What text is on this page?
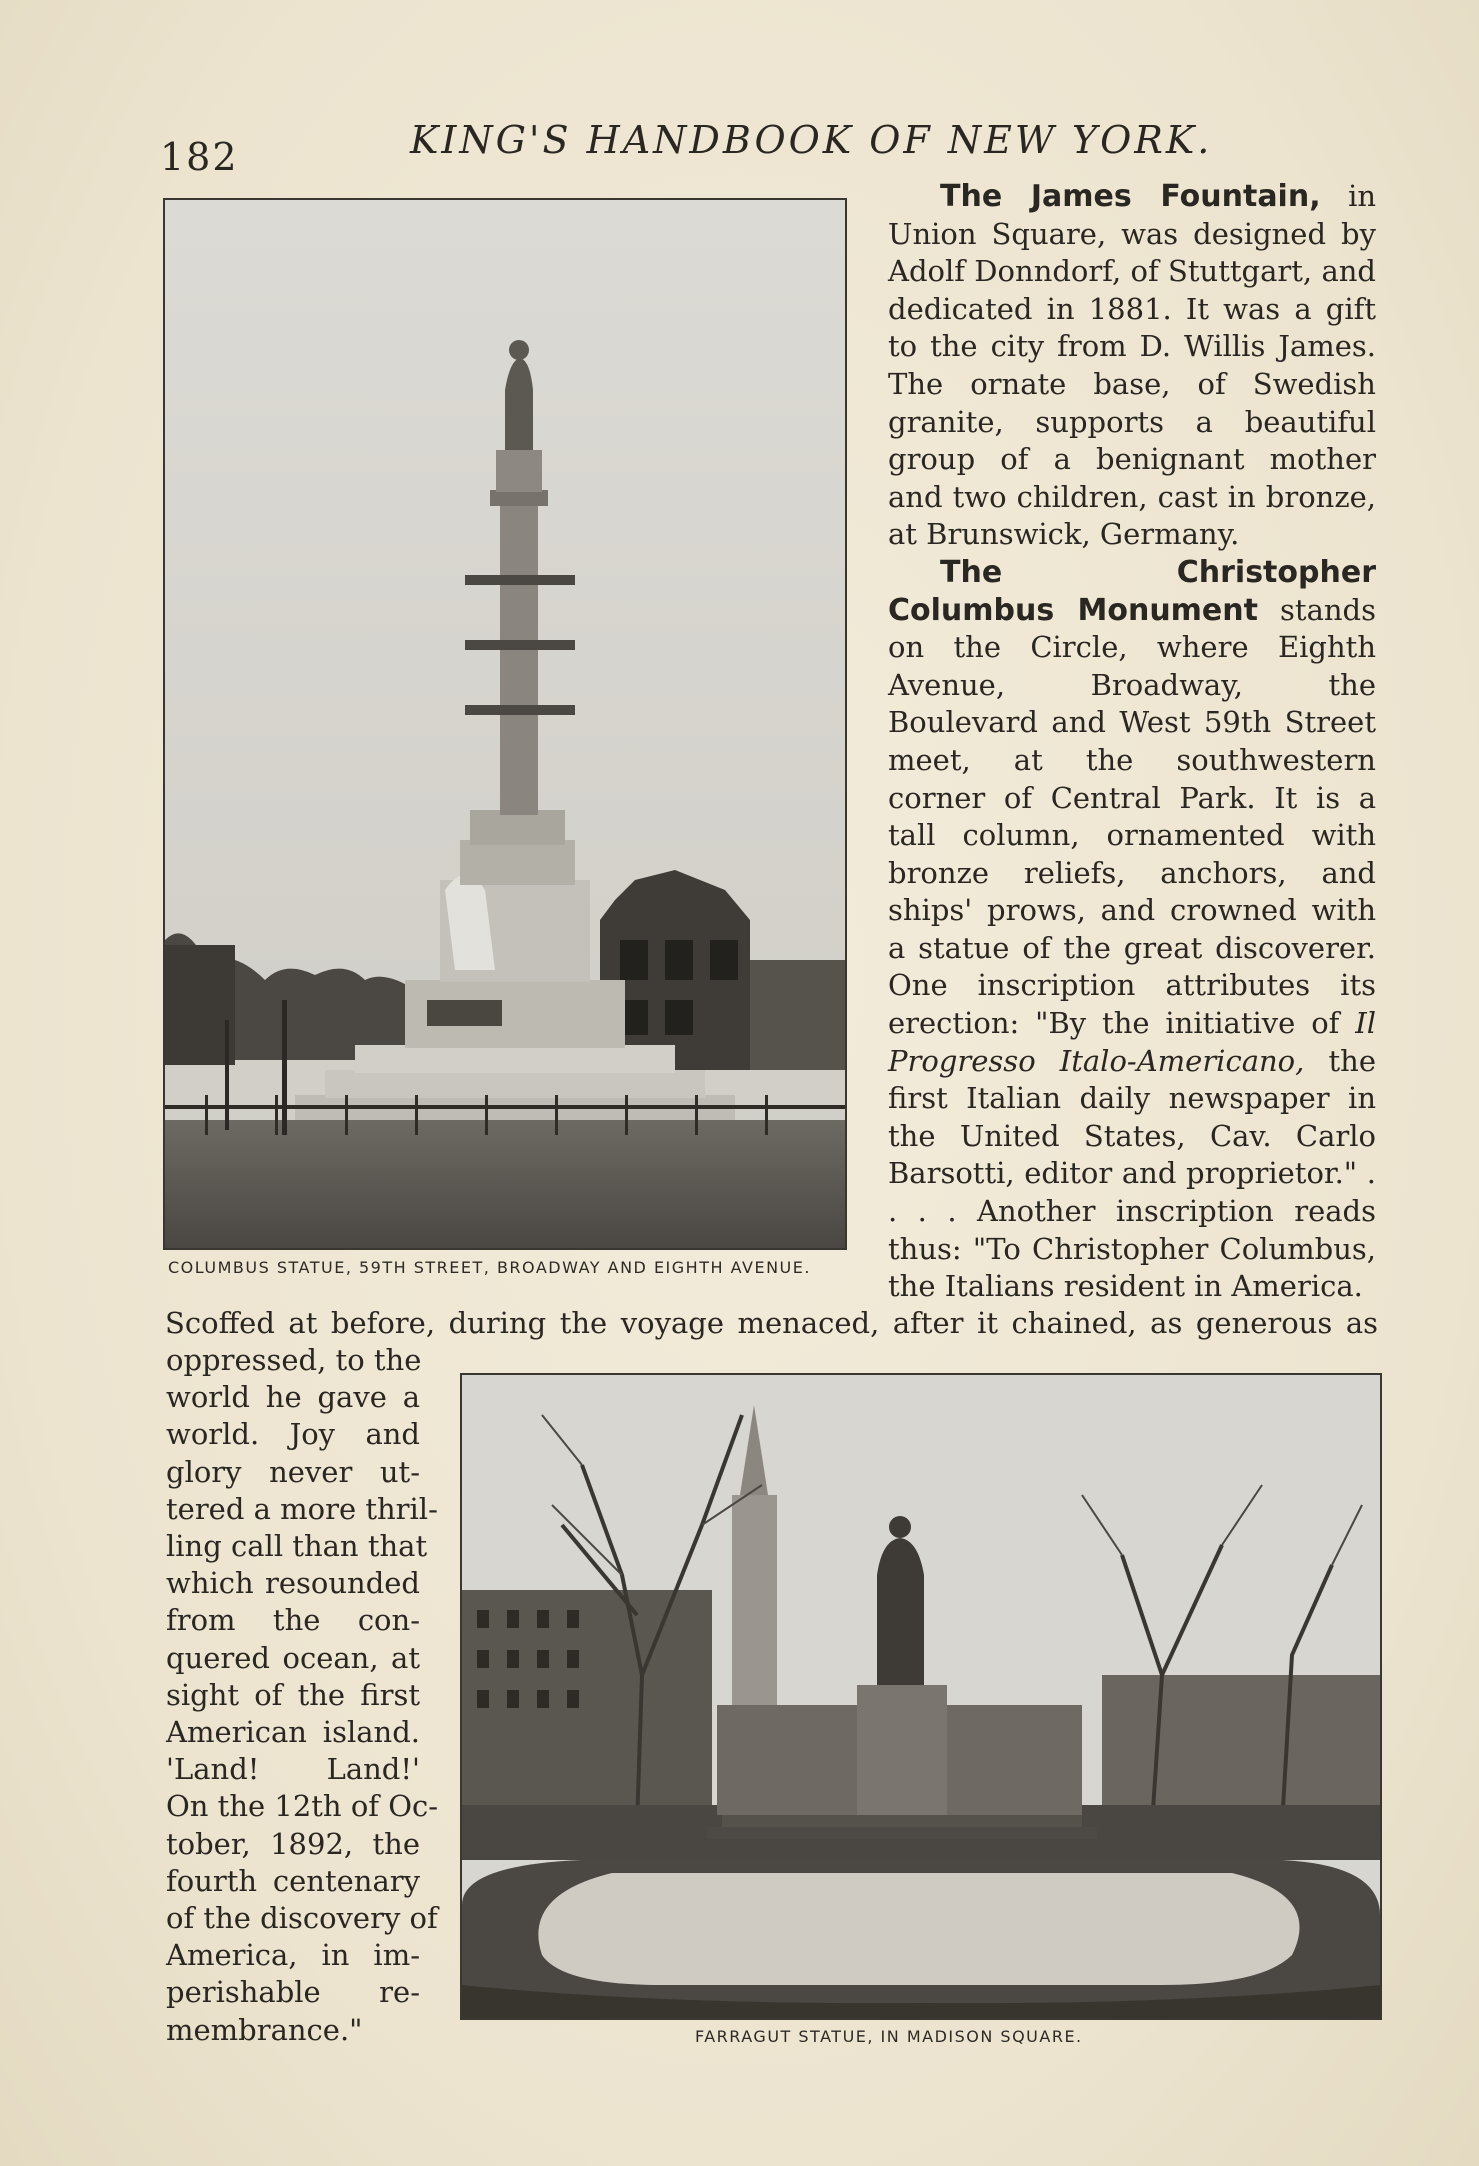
182	KING'S HANDBOOK OF NEW YORK.
COLUMBUS STATUE, 59TH STREET, BROADWAY AND EIGHTH AVENUE.

The James Fountain, in Union Square, was designed by Adolf Donndorf, of Stuttgart, and dedicated in 1881. It was a gift to the city from D. Willis James. The ornate base, of Swedish granite, supports a beautiful group of a benignant mother and two children, cast in bronze, at Brunswick, Germany.

The Christopher Columbus Monument stands on the Circle, where Eighth Avenue, Broadway, the Boulevard and West 59th Street meet, at the southwestern corner of Central Park. It is a tall column, ornamented with bronze reliefs, anchors, and ships' prows, and crowned with a statue of the great discoverer. One inscription attributes its erection: "By the initiative of Il Progresso Italo-Americano, the first Italian daily newspaper in the United States, Cav. Carlo Barsotti, editor and proprietor." . . . . Another inscription reads thus: "To Christopher Columbus, the Italians resident in America.

Scoffed at before, during the voyage menaced, after it chained, as generous as
oppressed, to the
world he gave a
world. Joy and
glory never ut-
tered a more thril-
ling call than that
which resounded
from the con-
quered ocean, at
sight of the first
American island.
'Land! Land!'
On the 12th of Oc-
tober, 1892, the
fourth centenary
of the discovery of
America, in im-
perishable re-
membrance."	FARRAGUT STATUE, IN MADISON SQUARE.
